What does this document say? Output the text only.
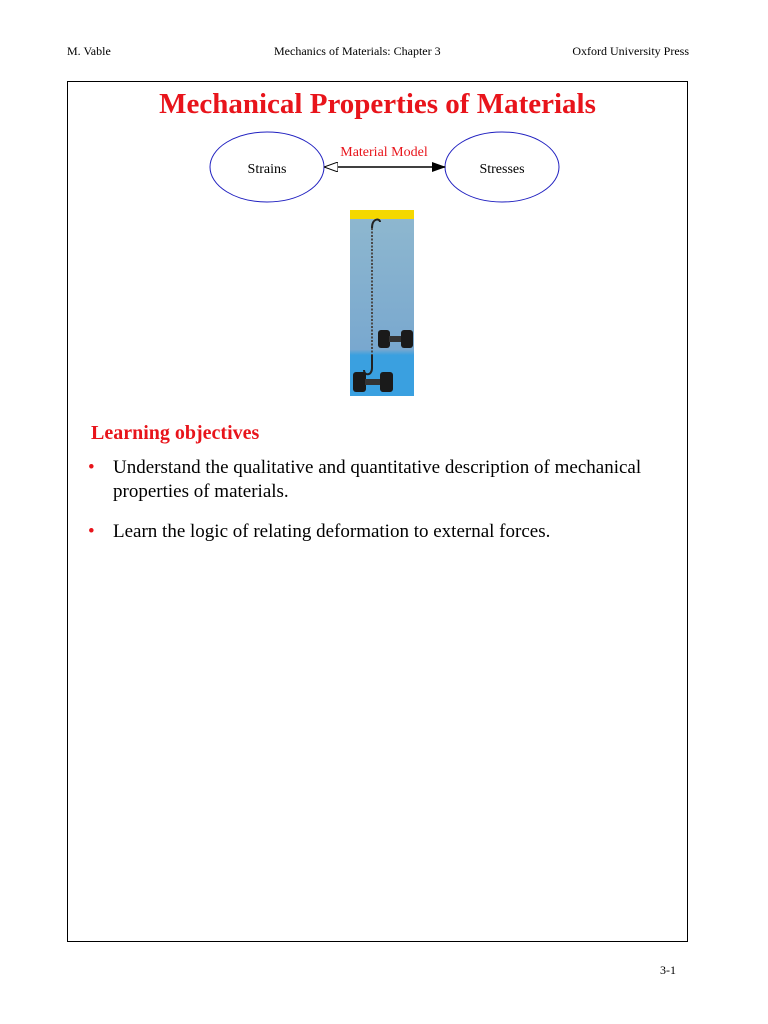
M. Vable	Mechanics of Materials: Chapter 3	Oxford University Press
Mechanical Properties of Materials
Strains	Stresses
Material Model
Learning objectives
• Understand the qualitative and quantitative description of mechanical properties of materials.
• Learn the logic of relating deformation to external forces.
3-1
